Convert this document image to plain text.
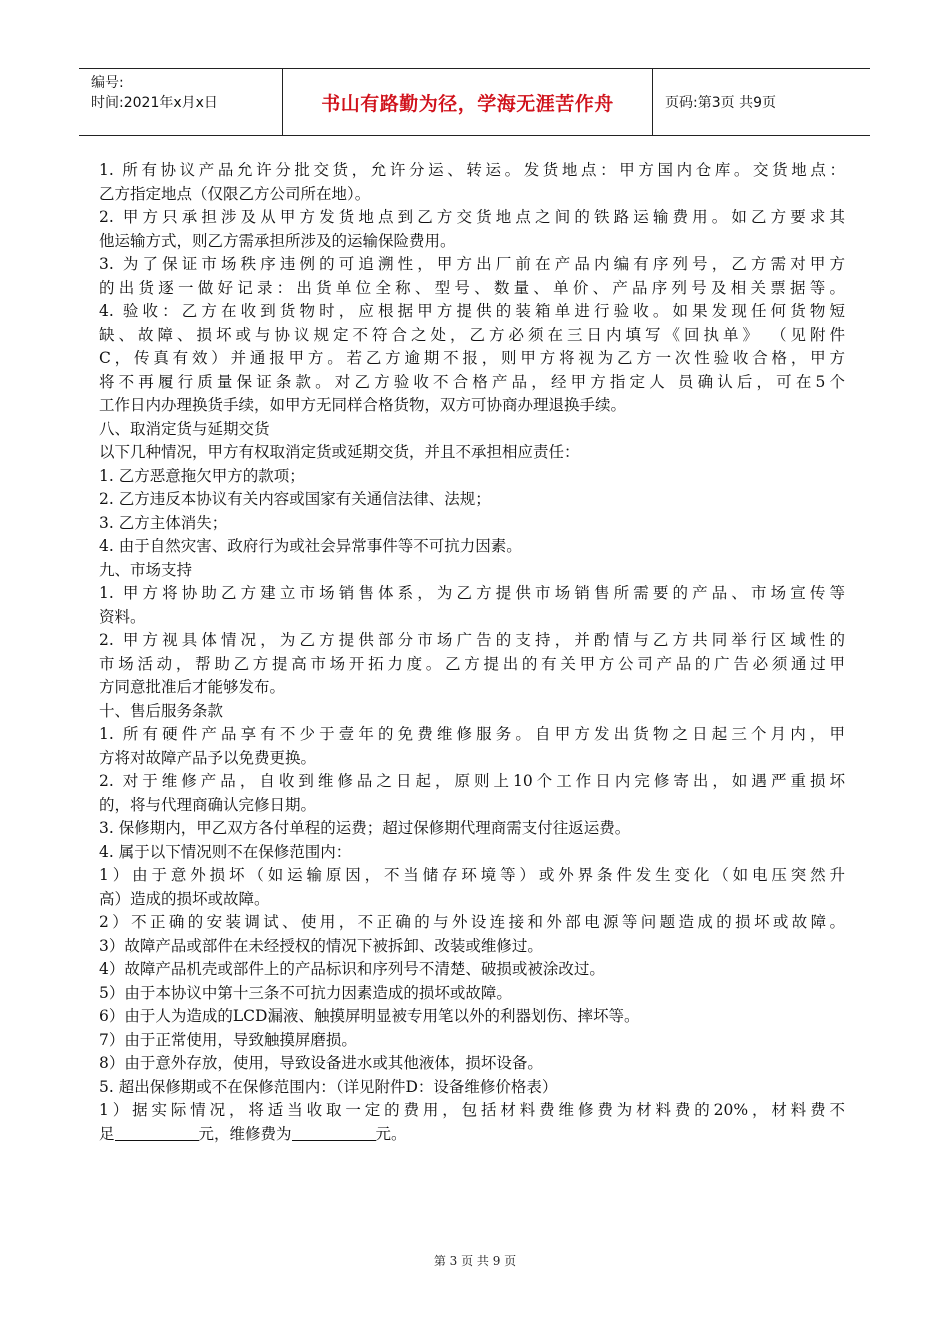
编号:
时间:2021年x月x日	书山有路勤为径，学海无涯苦作舟	页码:第3页 共9页
1. 所有协议产品允许分批交货，允许分运、转运。发货地点：甲方国内仓库。交货地点：
乙方指定地点（仅限乙方公司所在地）。
2. 甲方只承担涉及从甲方发货地点到乙方交货地点之间的铁路运输费用。如乙方要求其
他运输方式，则乙方需承担所涉及的运输保险费用。
3. 为了保证市场秩序违例的可追溯性，甲方出厂前在产品内编有序列号，乙方需对甲方
的出货逐一做好记录：出货单位全称、型号、数量、单价、产品序列号及相关票据等。
4. 验收：乙方在收到货物时，应根据甲方提供的装箱单进行验收。如果发现任何货物短
缺、故障、损坏或与协议规定不符合之处，乙方必须在三日内填写《回执单》 （见附件
C，传真有效）并通报甲方。若乙方逾期不报，则甲方将视为乙方一次性验收合格，甲方
将不再履行质量保证条款。对乙方验收不合格产品，经甲方指定人 员确认后，可在5个
工作日内办理换货手续，如甲方无同样合格货物，双方可协商办理退换手续。
八、取消定货与延期交货
以下几种情况，甲方有权取消定货或延期交货，并且不承担相应责任：
1. 乙方恶意拖欠甲方的款项；
2. 乙方违反本协议有关内容或国家有关通信法律、法规；
3. 乙方主体消失；
4. 由于自然灾害、政府行为或社会异常事件等不可抗力因素。
九、市场支持
1. 甲方将协助乙方建立市场销售体系，为乙方提供市场销售所需要的产品、市场宣传等
资料。
2. 甲方视具体情况，为乙方提供部分市场广告的支持，并酌情与乙方共同举行区域性的
市场活动，帮助乙方提高市场开拓力度。乙方提出的有关甲方公司产品的广告必须通过甲
方同意批准后才能够发布。
十、售后服务条款
1. 所有硬件产品享有不少于壹年的免费维修服务。自甲方发出货物之日起三个月内，甲
方将对故障产品予以免费更换。
2. 对于维修产品，自收到维修品之日起，原则上10个工作日内完修寄出，如遇严重损坏
的，将与代理商确认完修日期。
3. 保修期内，甲乙双方各付单程的运费；超过保修期代理商需支付往返运费。
4. 属于以下情况则不在保修范围内：
1）由于意外损坏（如运输原因，不当储存环境等）或外界条件发生变化（如电压突然升
高）造成的损坏或故障。
2）不正确的安装调试、使用，不正确的与外设连接和外部电源等问题造成的损坏或故障。
3）故障产品或部件在未经授权的情况下被拆卸、改装或维修过。
4）故障产品机壳或部件上的产品标识和序列号不清楚、破损或被涂改过。
5）由于本协议中第十三条不可抗力因素造成的损坏或故障。
6）由于人为造成的LCD漏液、触摸屏明显被专用笔以外的利器划伤、摔坏等。
7）由于正常使用，导致触摸屏磨损。
8）由于意外存放，使用，导致设备进水或其他液体，损坏设备。
5. 超出保修期或不在保修范围内：（详见附件D：设备维修价格表）
1）据实际情况，将适当收取一定的费用，包括材料费维修费为材料费的20%，材料费不
足	元，维修费为	元。
第 3 页 共 9 页
